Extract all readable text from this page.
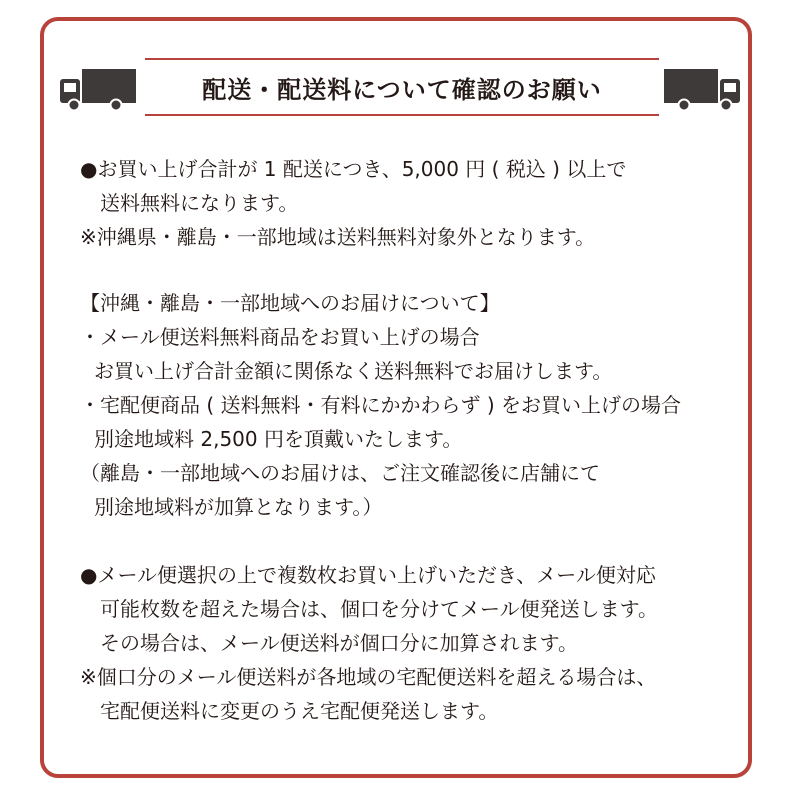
配送・配送料について確認のお願い
●お買い上げ合計が 1 配送につき、5,000 円 ( 税込 ) 以上で
送料無料になります。
※沖縄県・離島・一部地域は送料無料対象外となります。
【沖縄・離島・一部地域へのお届けについて】
・メール便送料無料商品をお買い上げの場合
お買い上げ合計金額に関係なく送料無料でお届けします。
・宅配便商品 ( 送料無料・有料にかかわらず ) をお買い上げの場合
別途地域料 2,500 円を頂戴いたします。
（離島・一部地域へのお届けは、ご注文確認後に店舗にて
別途地域料が加算となります。）
●メール便選択の上で複数枚お買い上げいただき、メール便対応
可能枚数を超えた場合は、個口を分けてメール便発送します。
その場合は、メール便送料が個口分に加算されます。
※個口分のメール便送料が各地域の宅配便送料を超える場合は、
宅配便送料に変更のうえ宅配便発送します。
